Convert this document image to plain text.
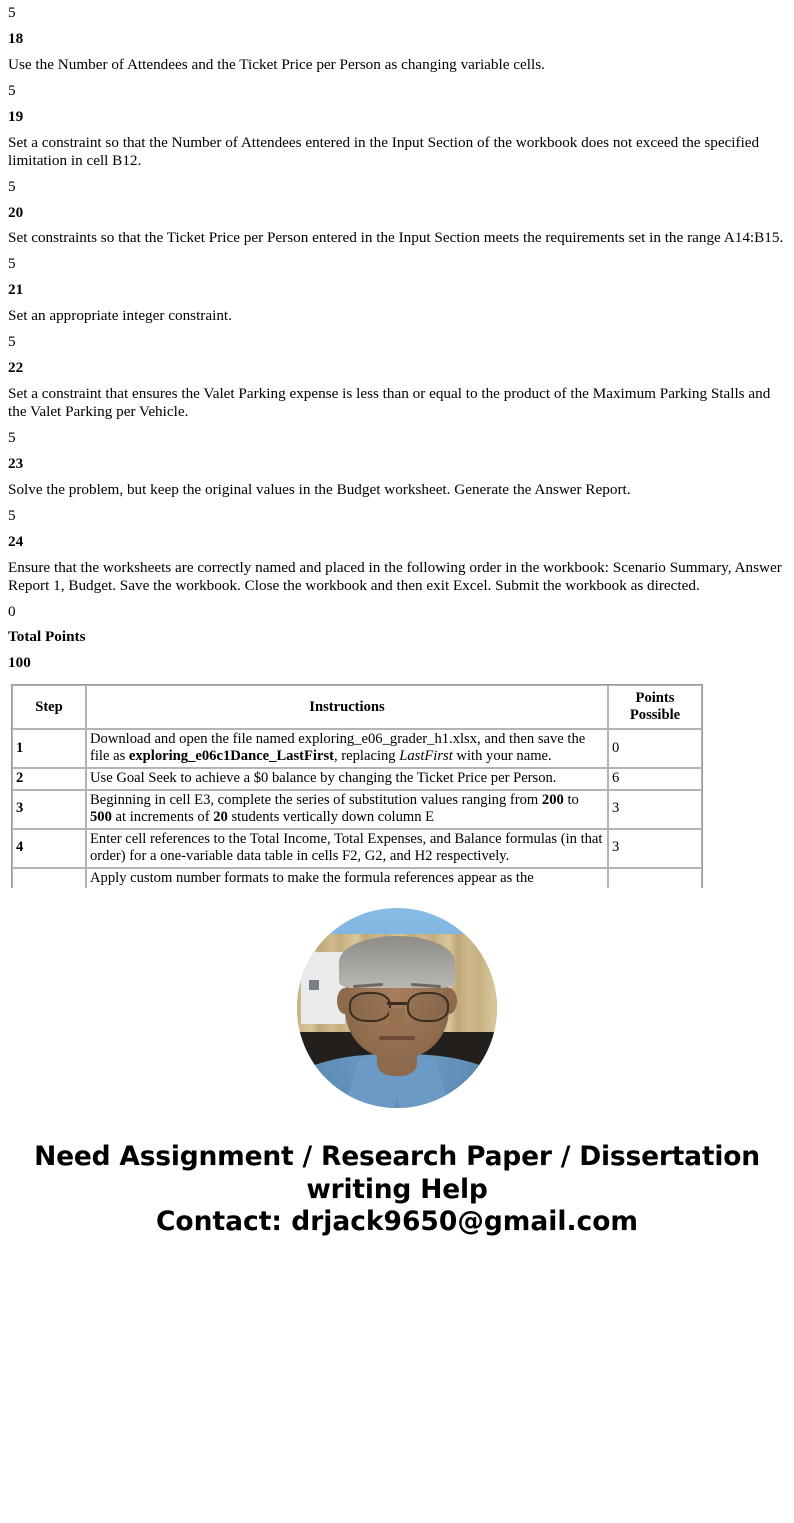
5

18

Use the Number of Attendees and the Ticket Price per Person as changing variable cells.

5

19

Set a constraint so that the Number of Attendees entered in the Input Section of the workbook does not exceed the specified limitation in cell B12.

5

20

Set constraints so that the Ticket Price per Person entered in the Input Section meets the requirements set in the range A14:B15.

5

21

Set an appropriate integer constraint.

5

22

Set a constraint that ensures the Valet Parking expense is less than or equal to the product of the Maximum Parking Stalls and the Valet Parking per Vehicle.

5

23

Solve the problem, but keep the original values in the Budget worksheet. Generate the Answer Report.

5

24

Ensure that the worksheets are correctly named and placed in the following order in the workbook: Scenario Summary, Answer Report 1, Budget. Save the workbook. Close the workbook and then exit Excel. Submit the workbook as directed.

0

Total Points

100

Step	Instructions	Points
Possible
1	Download and open the file named exploring_e06_grader_h1.xlsx, and then save the file as exploring_e06c1Dance_LastFirst, replacing LastFirst with your name.	0
2	Use Goal Seek to achieve a $0 balance by changing the Ticket Price per Person.	6
3	Beginning in cell E3, complete the series of substitution values ranging from 200 to 500 at increments of 20 students vertically down column E	3
4	Enter cell references to the Total Income, Total Expenses, and Balance formulas (in that order) for a one-variable data table in cells F2, G2, and H2 respectively.	3
	Apply custom number formats to make the formula references appear as the	
Need Assignment / Research Paper / Dissertation
writing Help
Contact: drjack9650@gmail.com
